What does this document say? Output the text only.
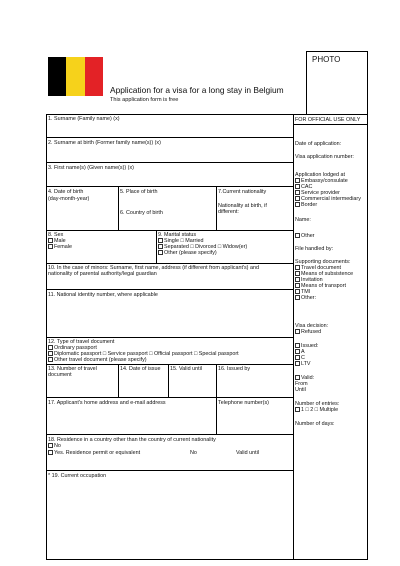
Application for a visa for a long stay in Belgium
This application form is free
PHOTO
1. Surname (Family name) (x)
2. Surname at birth (Former family name(s)) (x)
3. First name(s) (Given name(s)) (x)
4. Date of birth
(day-month-year)
5. Place of birth
6. Country of birth
7.Current nationality
Nationality at birth, if
different:
8. Sex
Male
Female
9. Marital status
Single □ Married
Separated □ Divorced □ Widow(er)
Other (please specify)
10. In the case of minors: Surname, first name, address (if different from applicant's) and
nationality of parental authority/legal guardian
11. National identity number, where applicable
12. Type of travel document
Ordinary passport
Diplomatic passport □ Service passport □ Official passport □ Special passport
Other travel document (please specify)
13. Number of travel
document
14. Date of issue 15. Valid until	16. Issued by
17. Applicant's home address and e-mail address	Telephone number(s)
18. Residence in a country other than the country of current nationality
No
Yes. Residence permit or equivalent	No	Valid until
* 19. Current occupation
FOR OFFICIAL USE ONLY
Date of application:
Visa application number:
Application lodged at
Embassy/consulate
CAC
Service provider
Commercial intermediary
Border
Name:
Other
File handled by:
Supporting documents:
Travel document
Means of subsistence
Invitation
Means of transport
TMI
Other:
Visa decision:
Refused
Issued:
A
C
LTV
Valid:
From
Until
Number of entries:
1 □ 2 □ Multiple
Number of days:
